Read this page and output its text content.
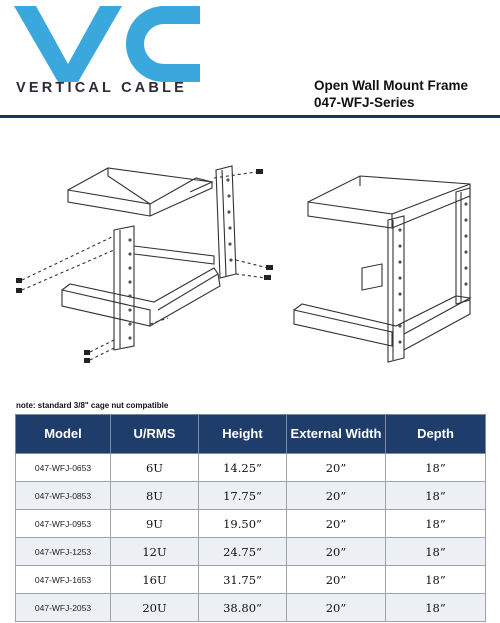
VERTICAL CABLE	Open Wall Mount Frame
047-WFJ-Series
note: standard 3/8" cage nut compatible
Model	U/RMS	Height	External Width	Depth
047-WFJ-0653	6U	14.25”	20”	18”
047-WFJ-0853	8U	17.75”	20”	18”
047-WFJ-0953	9U	19.50”	20”	18”
047-WFJ-1253	12U	24.75”	20”	18”
047-WFJ-1653	16U	31.75”	20”	18”
047-WFJ-2053	20U	38.80”	20”	18”
